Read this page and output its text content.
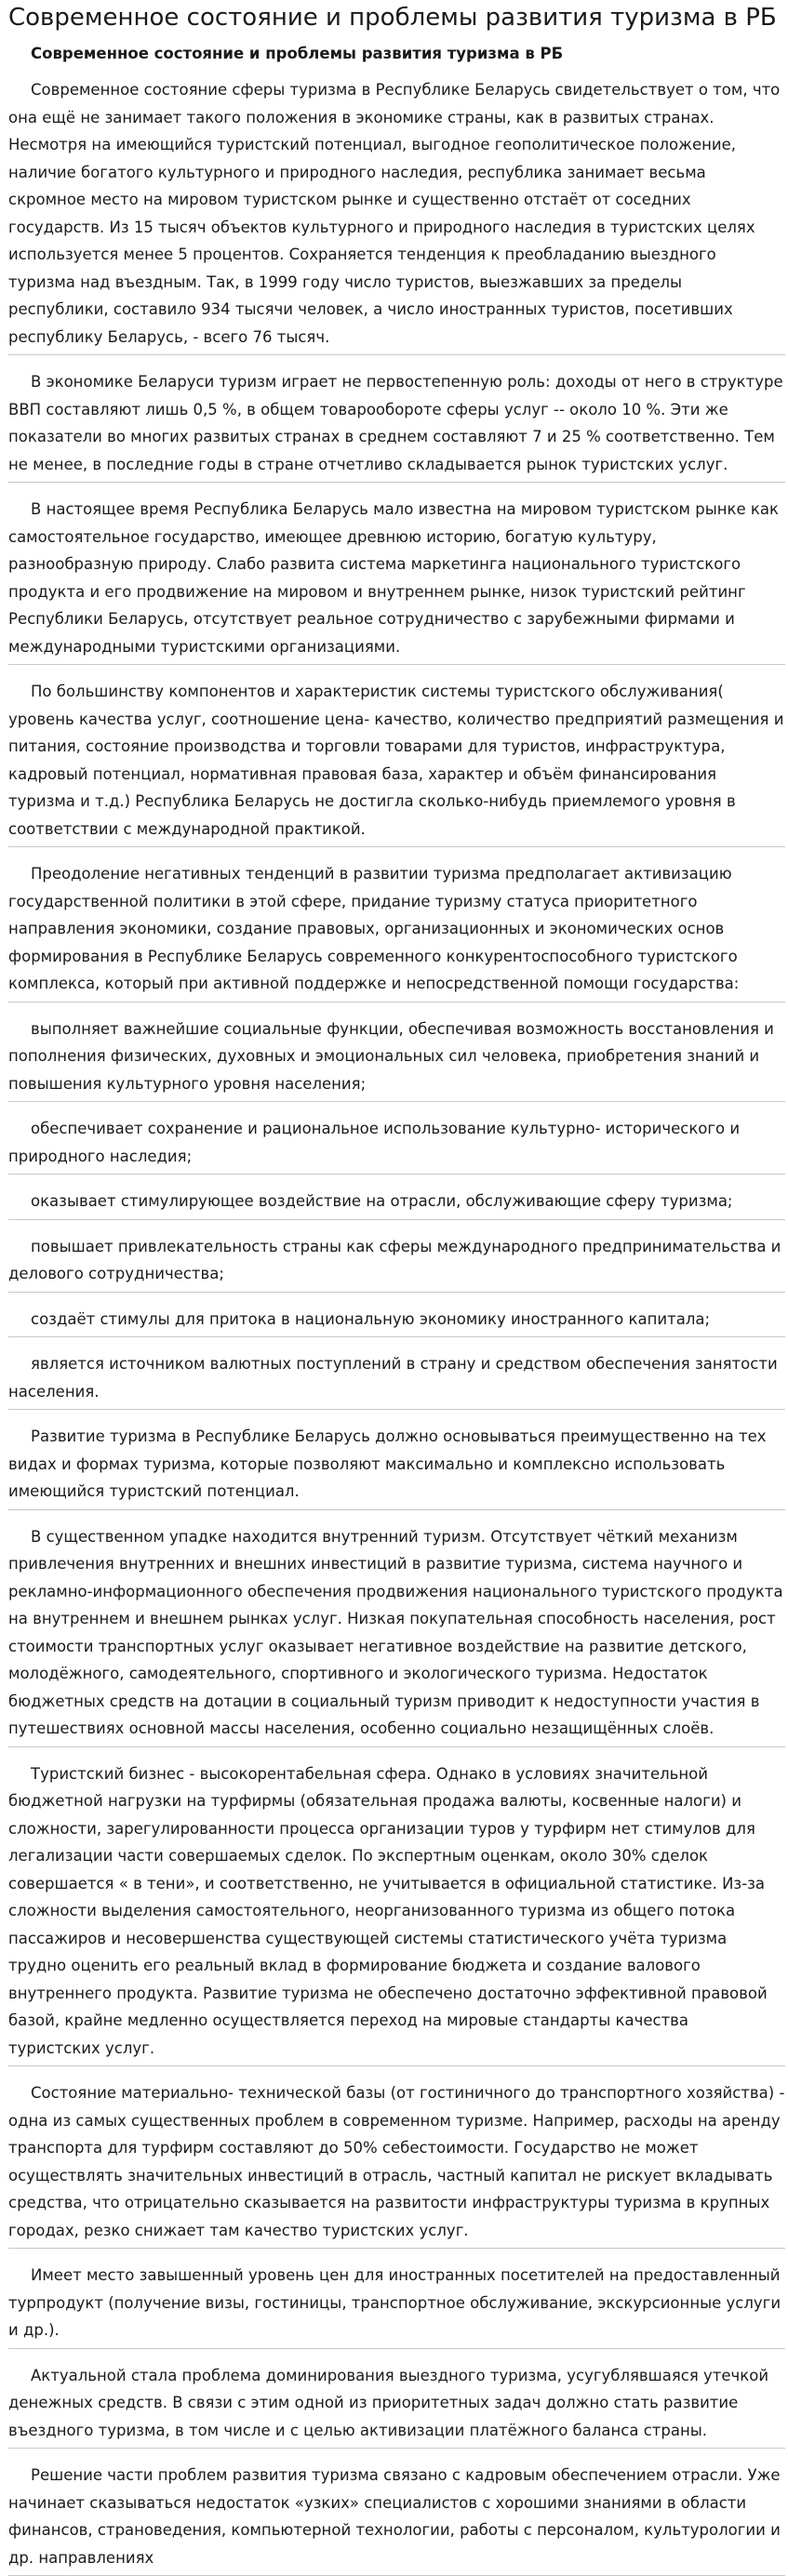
Современное состояние и проблемы развития туризма в РБ
Современное состояние и проблемы развития туризма в РБ

Современное состояние сферы туризма в Республике Беларусь свидетельствует о том, что она ещё не занимает такого положения в экономике страны, как в развитых странах. Несмотря на имеющийся туристский потенциал, выгодное геополитическое положение, наличие богатого культурного и природного наследия, республика занимает весьма скромное место на мировом туристском рынке и существенно отстаёт от соседних государств. Из 15 тысяч объектов культурного и природного наследия в туристских целях используется менее 5 процентов. Сохраняется тенденция к преобладанию выездного туризма над въездным. Так, в 1999 году число туристов, выезжавших за пределы республики, составило 934 тысячи человек, а число иностранных туристов, посетивших республику Беларусь, - всего 76 тысяч.

В экономике Беларуси туризм играет не первостепенную роль: доходы от него в структуре ВВП составляют лишь 0,5 %, в общем товарообороте сферы услуг -- около 10 %. Эти же показатели во многих развитых странах в среднем составляют 7 и 25 % соответственно. Тем не менее, в последние годы в стране отчетливо складывается рынок туристских услуг.

В настоящее время Республика Беларусь мало известна на мировом туристском рынке как самостоятельное государство, имеющее древнюю историю, богатую культуру, разнообразную природу. Слабо развита система маркетинга национального туристского продукта и его продвижение на мировом и внутреннем рынке, низок туристский рейтинг Республики Беларусь, отсутствует реальное сотрудничество с зарубежными фирмами и международными туристскими организациями.

По большинству компонентов и характеристик системы туристского обслуживания( уровень качества услуг, соотношение цена- качество, количество предприятий размещения и питания, состояние производства и торговли товарами для туристов, инфраструктура, кадровый потенциал, нормативная правовая база, характер и объём финансирования туризма и т.д.) Республика Беларусь не достигла сколько-нибудь приемлемого уровня в соответствии с международной практикой.

Преодоление негативных тенденций в развитии туризма предполагает активизацию государственной политики в этой сфере, придание туризму статуса приоритетного направления экономики, создание правовых, организационных и экономических основ формирования в Республике Беларусь современного конкурентоспособного туристского комплекса, который при активной поддержке и непосредственной помощи государства:

выполняет важнейшие социальные функции, обеспечивая возможность восстановления и пополнения физических, духовных и эмоциональных сил человека, приобретения знаний и повышения культурного уровня населения;

обеспечивает сохранение и рациональное использование культурно- исторического и природного наследия;

оказывает стимулирующее воздействие на отрасли, обслуживающие сферу туризма;

повышает привлекательность страны как сферы международного предпринимательства и делового сотрудничества;

создаёт стимулы для притока в национальную экономику иностранного капитала;

является источником валютных поступлений в страну и средством обеспечения занятости населения.

Развитие туризма в Республике Беларусь должно основываться преимущественно на тех видах и формах туризма, которые позволяют максимально и комплексно использовать имеющийся туристский потенциал.

В существенном упадке находится внутренний туризм. Отсутствует чёткий механизм привлечения внутренних и внешних инвестиций в развитие туризма, система научного и рекламно-информационного обеспечения продвижения национального туристского продукта на внутреннем и внешнем рынках услуг. Низкая покупательная способность населения, рост стоимости транспортных услуг оказывает негативное воздействие на развитие детского, молодёжного, самодеятельного, спортивного и экологического туризма. Недостаток бюджетных средств на дотации в социальный туризм приводит к недоступности участия в путешествиях основной массы населения, особенно социально незащищённых слоёв.

Туристский бизнес - высокорентабельная сфера. Однако в условиях значительной бюджетной нагрузки на турфирмы (обязательная продажа валюты, косвенные налоги) и сложности, зарегулированности процесса организации туров у турфирм нет стимулов для легализации чаcти совершаемых сделок. По экспертным оценкам, около 30% сделок совершается « в тени», и соответственно, не учитывается в официальной статистике. Из-за сложности выделения самостоятельного, неорганизованного туризма из общего потока пассажиров и несовершенства существующей системы статистического учёта туризма трудно оценить его реальный вклад в формирование бюджета и создание валового внутреннего продукта. Развитие туризма не обеспечено достаточно эффективной правовой базой, крайне медленно осуществляется переход на мировые стандарты качества туристских услуг.

Состояние материально- технической базы (от гостиничного до транспортного хозяйства) - одна из самых существенных проблем в современном туризме. Например, расходы на аренду транспорта для турфирм составляют до 50% себестоимости. Государство не может осуществлять значительных инвестиций в отрасль, частный капитал не рискует вкладывать средства, что отрицательно сказывается на развитости инфраструктуры туризма в крупных городах, резко снижает там качество туристских услуг.

Имеет место завышенный уровень цен для иностранных посетителей на предоставленный турпродукт (получение визы, гостиницы, транспортное обслуживание, экскурсионные услуги и др.).

Актуальной стала проблема доминирования выездного туризма, усугублявшаяся утечкой денежных средств. В связи с этим одной из приоритетных задач должно стать развитие въездного туризма, в том числе и с целью активизации платёжного баланса страны.

Решение части проблем развития туризма связано с кадровым обеспечением отрасли. Уже начинает сказываться недостаток «узких» специалистов с хорошими знаниями в области финансов, страноведения, компьютерной технологии, работы с персоналом, культурологии и др. направлениях
